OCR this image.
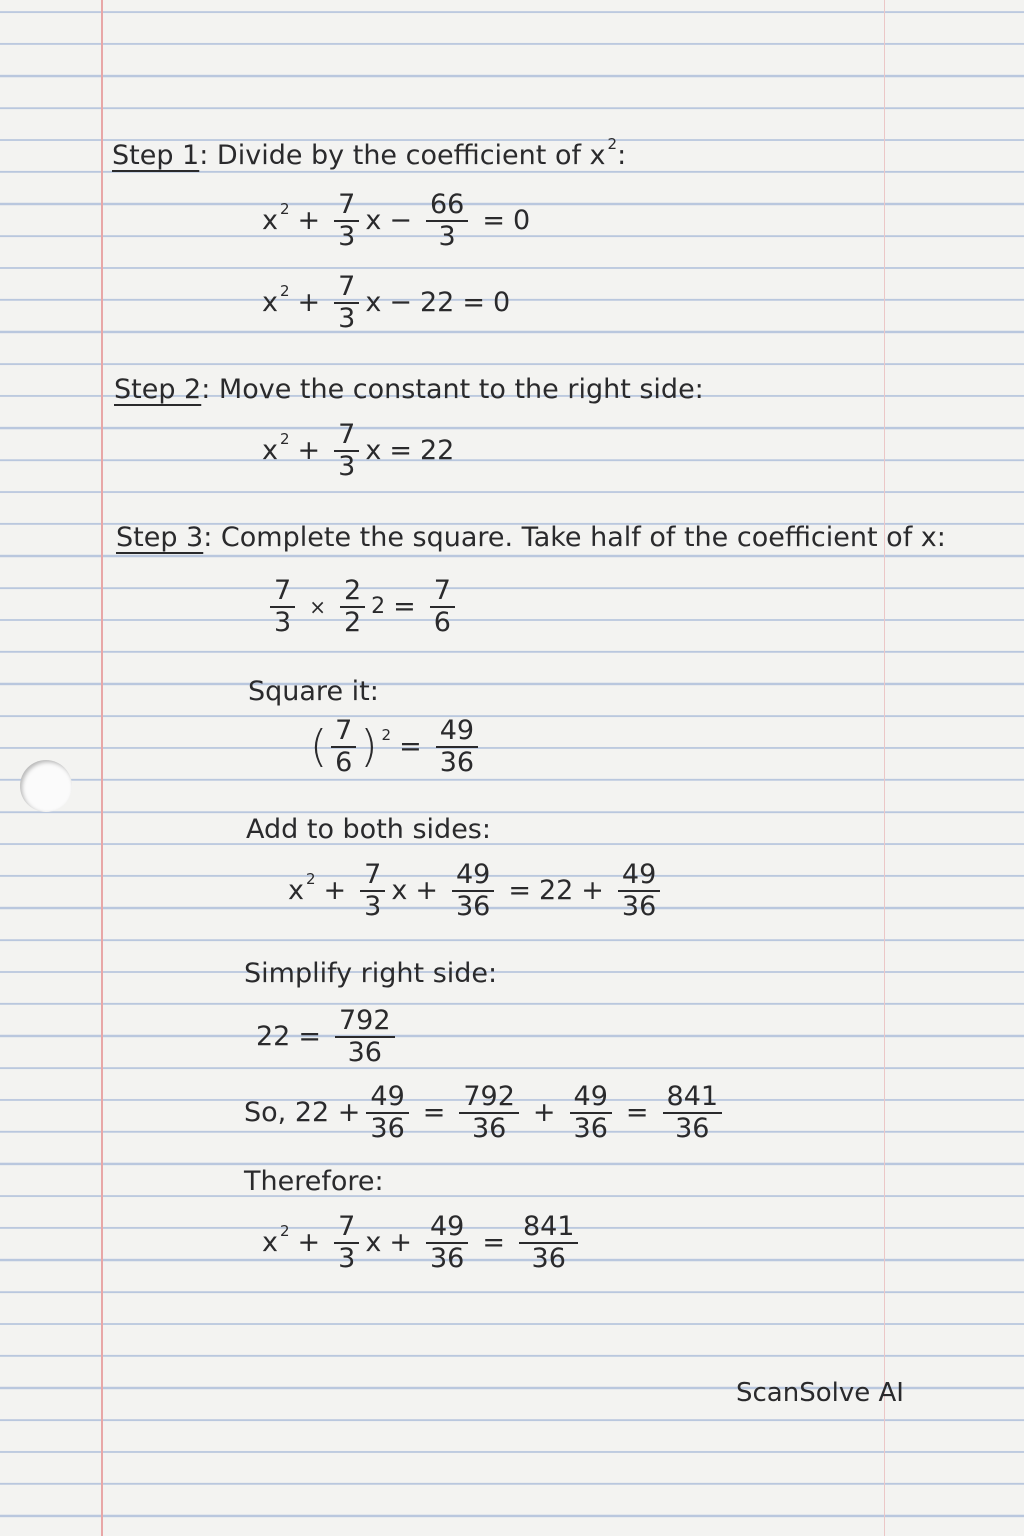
Step 1 : Divide by the coefficient of x 2 :
x $2 + \frac{7}{3}$ $x - \frac{66}{3} = 0$
x $2 + \frac{7}{3}$ x − 22 = 0
Step 2 : Move the constant to the right side:
x $2 + \frac{7}{3}$ x = 22
Step 3 : Complete the square. Take half of the coefficient of x:
$\frac{7}{3} \times \frac{2}{2} 2 = \frac{7}{6}$
Square it:
( $\frac{7}{6}$ ) $2 = \frac{49}{36}$
Add to both sides:
x $2 + \frac{7}{3}$ $x + \frac{49}{36} = 22 + \frac{49}{36}$
Simplify right side:
$22 = \frac{792}{36}$
So, $22 + \frac{49}{36} = \frac{792}{36} + \frac{49}{36} = \frac{841}{36}$
Therefore:
x $2 + \frac{7}{3}$ $x + \frac{49}{36} = \frac{841}{36}$
ScanSolve AI
